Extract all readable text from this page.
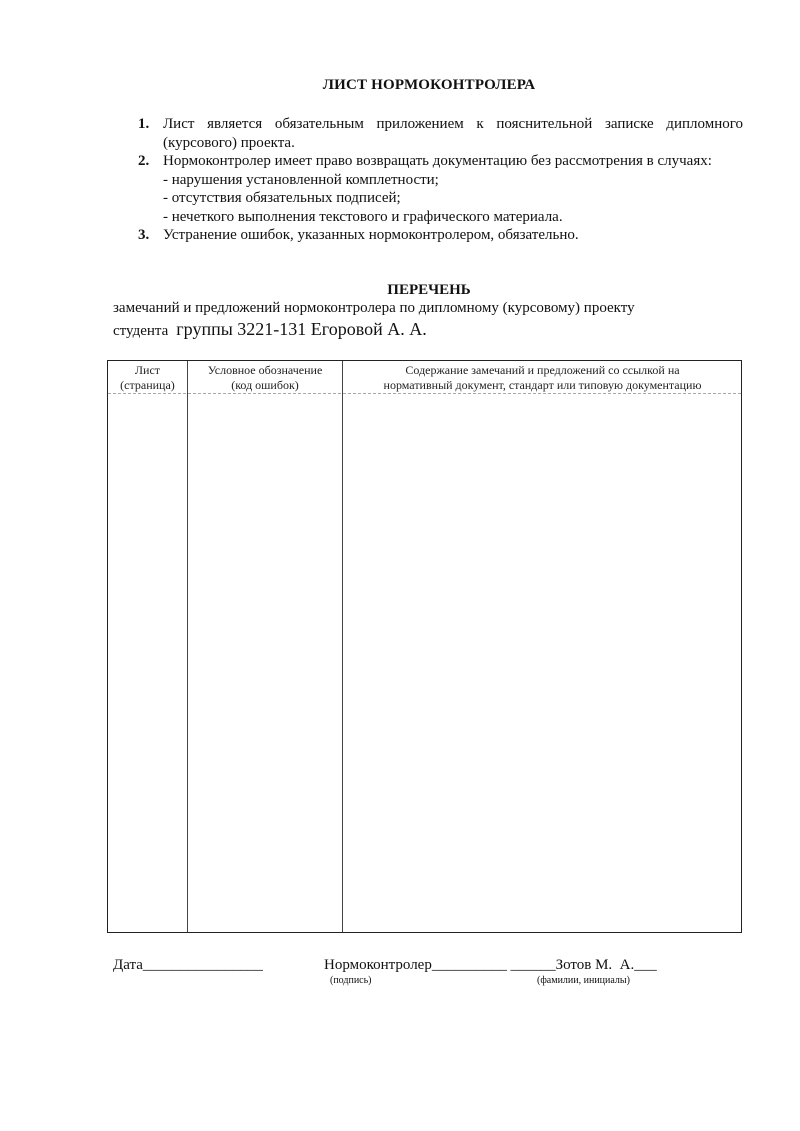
ЛИСТ НОРМОКОНТРОЛЕРА
1. Лист является обязательным приложением к пояснительной записке дипломного (курсового) проекта.
2. Нормоконтролер имеет право возвращать документацию без рассмотрения в случаях:
- нарушения установленной комплетности;
- отсутствия обязательных подписей;
- нечеткого выполнения текстового и графического материала.
3. Устранение ошибок, указанных нормоконтролером, обязательно.
ПЕРЕЧЕНЬ
замечаний и предложений нормоконтролера по дипломному (курсовому) проекту
студента группы 3221-131 Егоровой А. А.
Лист
(страница)
Условное обозначение
(код ошибок)
Содержание замечаний и предложений со ссылкой на
нормативный документ, стандарт или типовую документацию
Дата________________	Нормоконтролер__________ ______Зотов М.  А.___
(подпись)	(фамилии, инициалы)
